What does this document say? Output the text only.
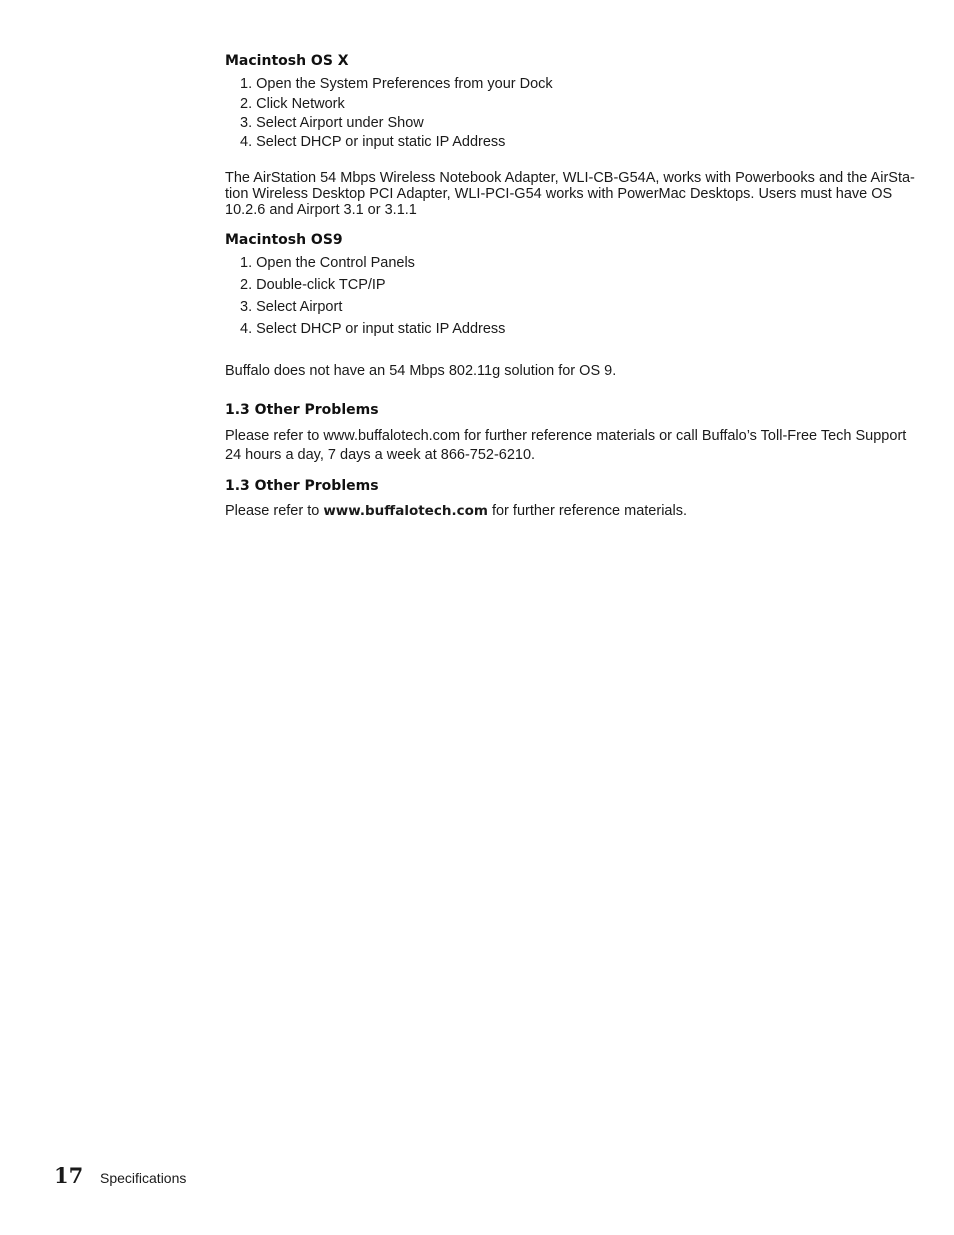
Macintosh OS X
1. Open the System Preferences from your Dock
2. Click Network
3. Select Airport under Show
4. Select DHCP or input static IP Address

The AirStation 54 Mbps Wireless Notebook Adapter, WLI-CB-G54A, works with Powerbooks and the AirSta-tion Wireless Desktop PCI Adapter, WLI-PCI-G54 works with PowerMac Desktops. Users must have OS 10.2.6 and Airport 3.1 or 3.1.1

Macintosh OS9
1. Open the Control Panels
2. Double-click TCP/IP
3. Select Airport
4. Select DHCP or input static IP Address

Buffalo does not have an 54 Mbps 802.11g solution for OS 9.

1.3 Other Problems

Please refer to www.buffalotech.com for further reference materials or call Buffalo’s Toll-Free Tech Support 24 hours a day, 7 days a week at 866-752-6210.

1.3 Other Problems

Please refer to www.buffalotech.com for further reference materials.

17 Specifications
